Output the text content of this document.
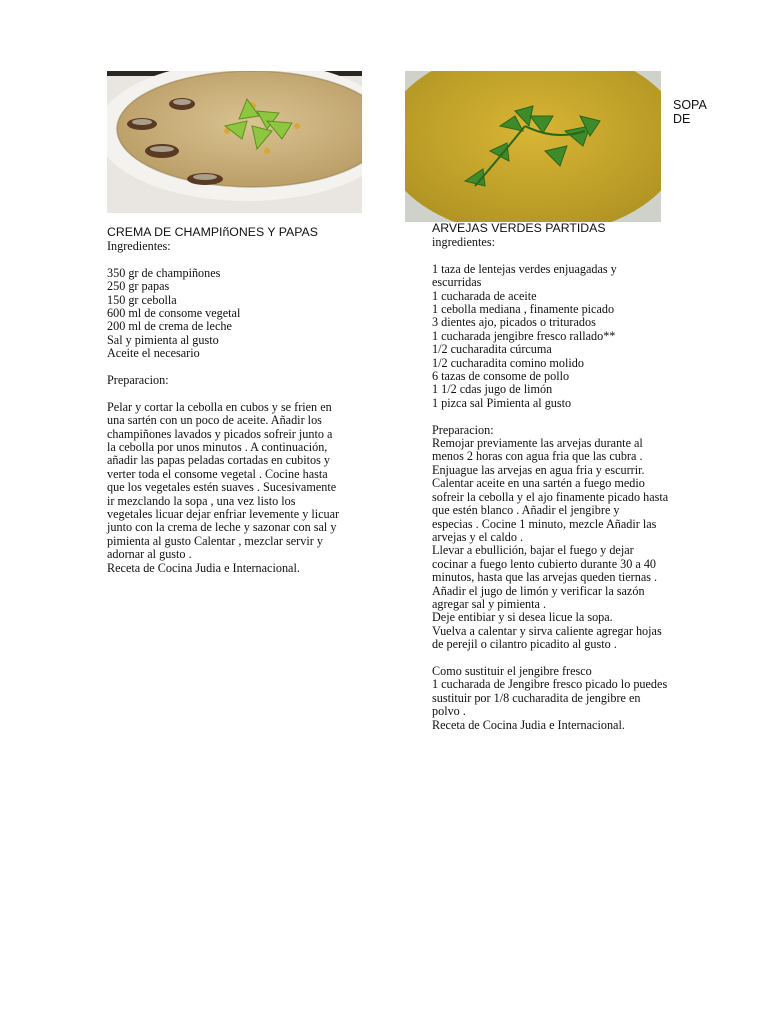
SOPA
DE
CREMA DE CHAMPIñONES Y PAPAS
Ingredientes:
350 gr de champiñones
250 gr papas
150 gr cebolla
600 ml de consome vegetal
200 ml de crema de leche
Sal y pimienta al gusto
Aceite el necesario
Preparacion:
Pelar y cortar la cebolla en cubos y se frien en
una sartén con un poco de aceite. Añadir los
champiñones lavados y picados sofreir junto a
la cebolla por unos minutos . A continuación,
añadir las papas peladas cortadas en cubitos y
verter toda el consome vegetal . Cocine hasta
que los vegetales estén suaves . Sucesivamente
ir mezclando la sopa , una vez listo los
vegetales licuar dejar enfriar levemente y licuar
junto con la crema de leche y sazonar con sal y
pimienta al gusto Calentar , mezclar servir y
adornar al gusto .
Receta de Cocina Judia e Internacional.
ARVEJAS VERDES PARTIDAS
ingredientes:
1 taza de lentejas verdes enjuagadas y
escurridas
1 cucharada de aceite
1 cebolla mediana , finamente picado
3 dientes ajo, picados o triturados
1 cucharada jengibre fresco rallado**
1/2 cucharadita cúrcuma
1/2 cucharadita comino molido
6 tazas de consome de pollo
1 1/2 cdas jugo de limón
1 pizca sal Pimienta al gusto
Preparacion:
Remojar previamente las arvejas durante al
menos 2 horas con agua fria que las cubra .
Enjuague las arvejas en agua fria y escurrir.
Calentar aceite en una sartén a fuego medio
sofreir la cebolla y el ajo finamente picado hasta
que estén blanco . Añadir el jengibre y
especias . Cocine 1 minuto, mezcle Añadir las
arvejas y el caldo .
Llevar a ebullición, bajar el fuego y dejar
cocinar a fuego lento cubierto durante 30 a 40
minutos, hasta que las arvejas queden tiernas .
Añadir el jugo de limón y verificar la sazón
agregar sal y pimienta .
Deje entibiar y si desea licue la sopa.
Vuelva a calentar y sirva caliente agregar hojas
de perejil o cilantro picadito al gusto .
Como sustituir el jengibre fresco
1 cucharada de Jengibre fresco picado lo puedes
sustituir por 1/8 cucharadita de jengibre en
polvo .
Receta de Cocina Judia e Internacional.
